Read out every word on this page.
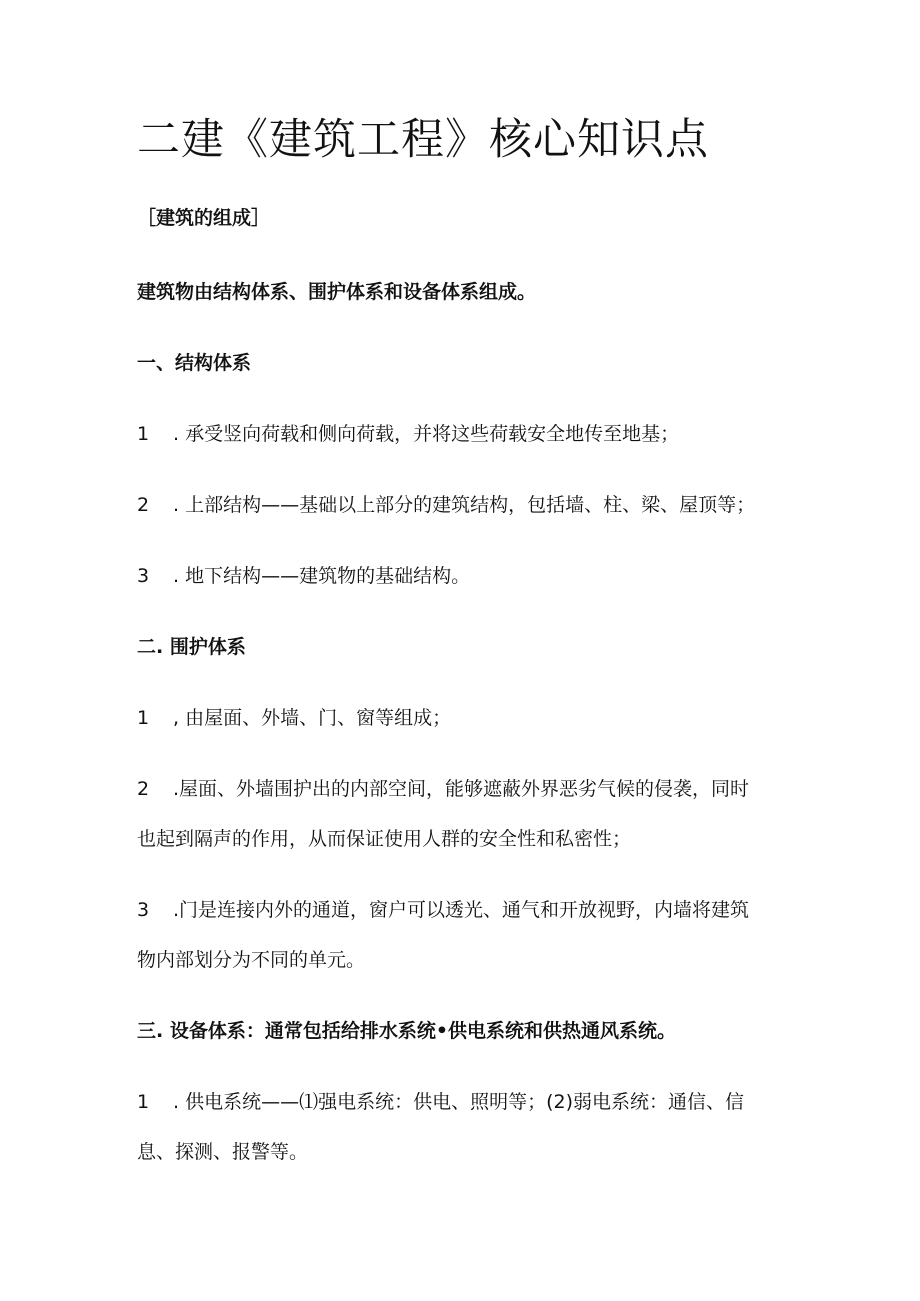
二建《建筑工程》核心知识点

［建筑的组成］

建筑物由结构体系、围护体系和设备体系组成。

一、结构体系

1 . 承受竖向荷载和侧向荷载，并将这些荷载安全地传至地基；

2 . 上部结构——基础以上部分的建筑结构，包括墙、柱、梁、屋顶等；

3 . 地下结构——建筑物的基础结构。

二. 围护体系

1 , 由屋面、外墙、门、窗等组成；

2 .屋面、外墙围护出的内部空间，能够遮蔽外界恶劣气候的侵袭，同时

也起到隔声的作用，从而保证使用人群的安全性和私密性；

3 .门是连接内外的通道，窗户可以透光、通气和开放视野，内墙将建筑

物内部划分为不同的单元。

三. 设备体系：通常包括给排水系统•供电系统和供热通风系统。

1 . 供电系统——⑴强电系统：供电、照明等；(2)弱电系统：通信、信

息、探测、报警等。
